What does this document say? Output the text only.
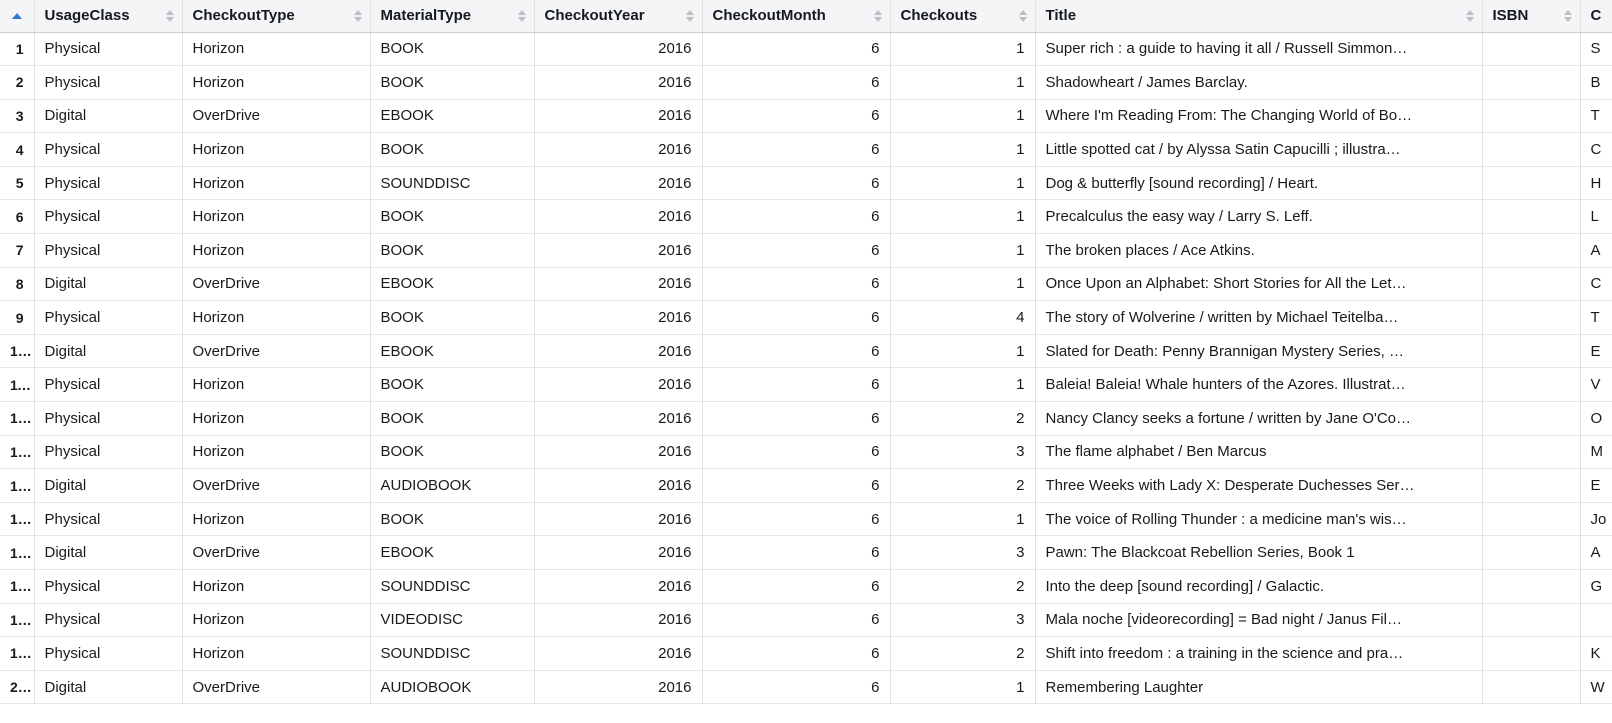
	UsageClass	CheckoutType	MaterialType	CheckoutYear	CheckoutMonth	Checkouts	Title	ISBN	C

1	Physical	Horizon	BOOK	2016	6	1	Super rich : a guide to having it all / Russell Simmon…		S
2	Physical	Horizon	BOOK	2016	6	1	Shadowheart / James Barclay.		B
3	Digital	OverDrive	EBOOK	2016	6	1	Where I'm Reading From: The Changing World of Bo…		T
4	Physical	Horizon	BOOK	2016	6	1	Little spotted cat / by Alyssa Satin Capucilli ; illustra…		C
5	Physical	Horizon	SOUNDDISC	2016	6	1	Dog & butterfly [sound recording] / Heart.		H
6	Physical	Horizon	BOOK	2016	6	1	Precalculus the easy way / Larry S. Leff.		L
7	Physical	Horizon	BOOK	2016	6	1	The broken places / Ace Atkins.		A
8	Digital	OverDrive	EBOOK	2016	6	1	Once Upon an Alphabet: Short Stories for All the Let…		C
9	Physical	Horizon	BOOK	2016	6	4	The story of Wolverine / written by Michael Teitelba…		T
10	Digital	OverDrive	EBOOK	2016	6	1	Slated for Death: Penny Brannigan Mystery Series, …		E
11	Physical	Horizon	BOOK	2016	6	1	Baleia! Baleia! Whale hunters of the Azores. Illustrat…		V
12	Physical	Horizon	BOOK	2016	6	2	Nancy Clancy seeks a fortune / written by Jane O'Co…		O
13	Physical	Horizon	BOOK	2016	6	3	The flame alphabet / Ben Marcus		M
14	Digital	OverDrive	AUDIOBOOK	2016	6	2	Three Weeks with Lady X: Desperate Duchesses Ser…		E
15	Physical	Horizon	BOOK	2016	6	1	The voice of Rolling Thunder : a medicine man's wis…		Jo
16	Digital	OverDrive	EBOOK	2016	6	3	Pawn: The Blackcoat Rebellion Series, Book 1		A
17	Physical	Horizon	SOUNDDISC	2016	6	2	Into the deep [sound recording] / Galactic.		G
18	Physical	Horizon	VIDEODISC	2016	6	3	Mala noche [videorecording] = Bad night / Janus Fil…		
19	Physical	Horizon	SOUNDDISC	2016	6	2	Shift into freedom : a training in the science and pra…		K
20	Digital	OverDrive	AUDIOBOOK	2016	6	1	Remembering Laughter		W
